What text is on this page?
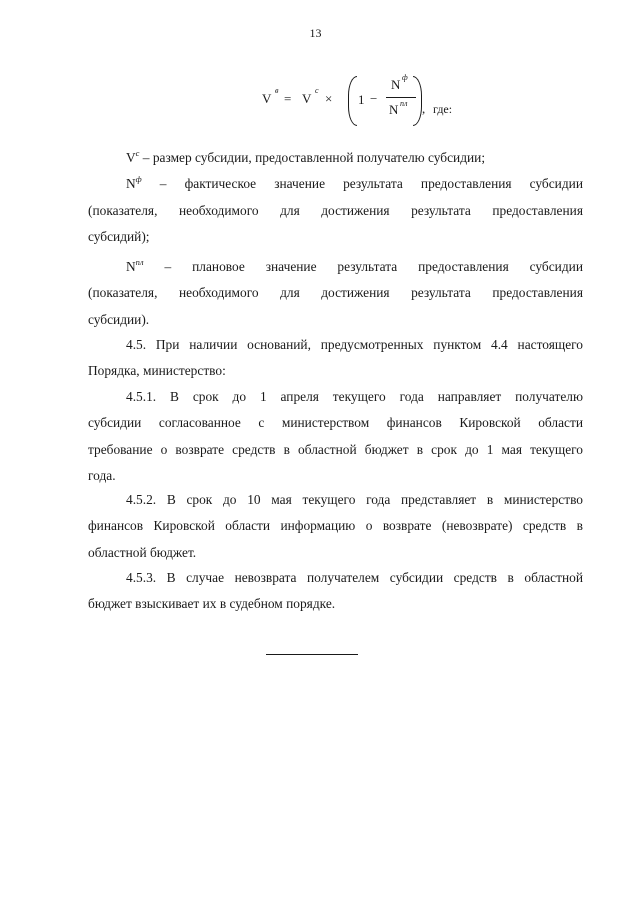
13
V
в
= V
с
× 1 −
N ф
N пл , где:
$V^с$ – размер субсидии, предоставленной получателю субсидии;
$N^ф$ – фактическое значение результата предоставления субсидии
(показателя, необходимого для достижения результата предоставления
субсидий);
$N^{пл}$ – плановое значение результата предоставления субсидии
(показателя, необходимого для достижения результата предоставления
субсидии).
4.5. При наличии оснований, предусмотренных пунктом 4.4 настоящего
Порядка, министерство:
4.5.1. В срок до 1 апреля текущего года направляет получателю
субсидии согласованное с министерством финансов Кировской области
требование о возврате средств в областной бюджет в срок до 1 мая текущего
года.
4.5.2. В срок до 10 мая текущего года представляет в министерство
финансов Кировской области информацию о возврате (невозврате) средств в
областной бюджет.
4.5.3. В случае невозврата получателем субсидии средств в областной
бюджет взыскивает их в судебном порядке.
